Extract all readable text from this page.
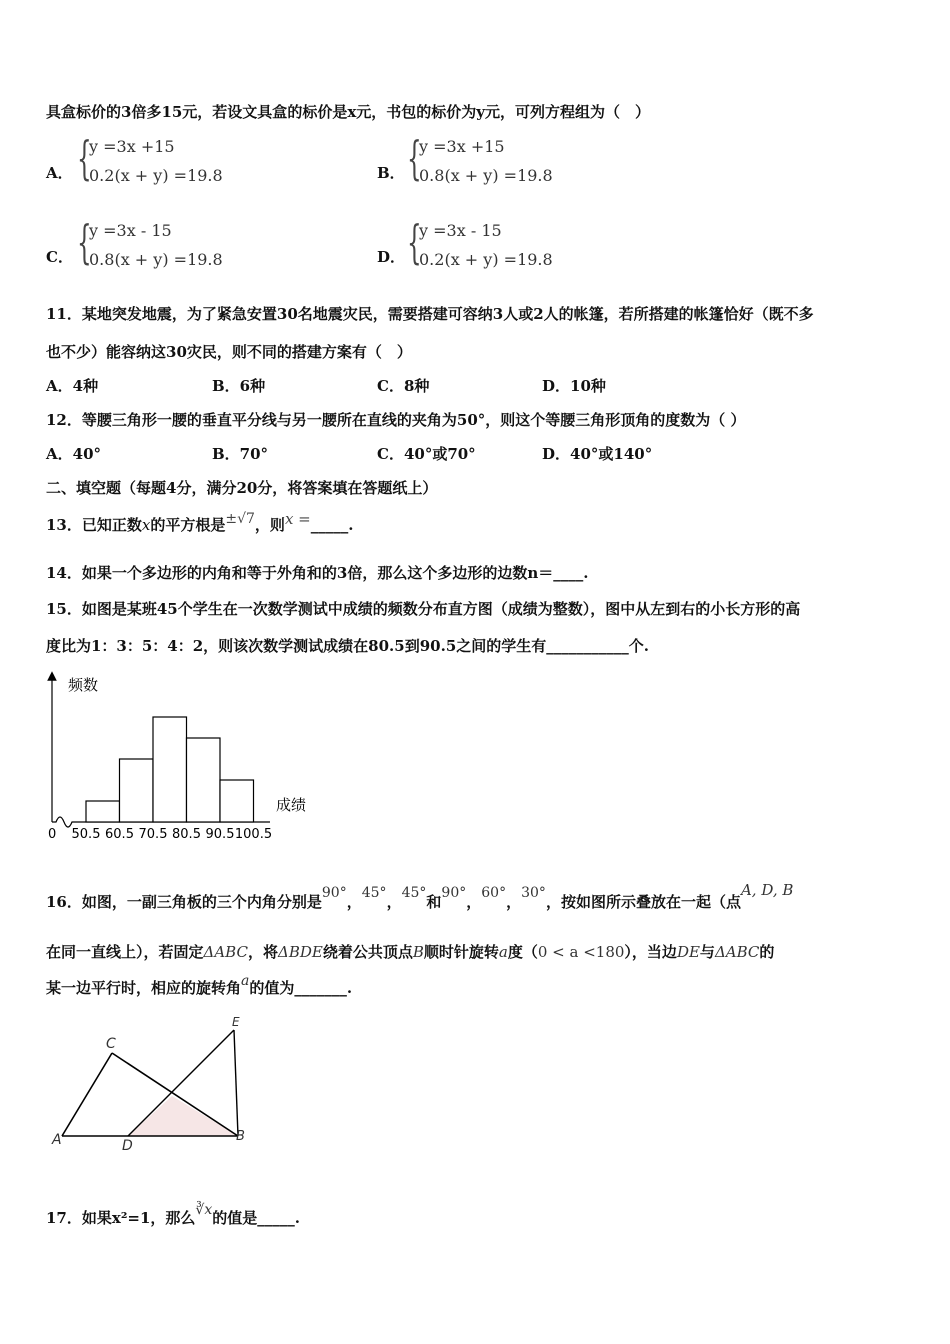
具盒标价的3倍多15元，若设文具盒的标价是x元，书包的标价为y元，可列方程组为（　）
A． {
y =3x +15
0.2(x + y) =19.8	B． {
y =3x +15
0.8(x + y) =19.8
C． {
y =3x - 15
0.8(x + y) =19.8	D． {
y =3x - 15
0.2(x + y) =19.8
11．某地突发地震，为了紧急安置30名地震灾民，需要搭建可容纳3人或2人的帐篷，若所搭建的帐篷恰好（既不多
也不少）能容纳这30灾民，则不同的搭建方案有（　）
A．4种	B．6种	C．8种	D．10种
12．等腰三角形一腰的垂直平分线与另一腰所在直线的夹角为50°，则这个等腰三角形顶角的度数为（ ）
A．40°	B．70°	C．40°或70°	D．40°或140°
二、填空题（每题4分，满分20分，将答案填在答题纸上）
13．已知正数x的平方根是±√7，则x =_____.
14．如果一个多边形的内角和等于外角和的3倍，那么这个多边形的边数n＝____.
15．如图是某班45个学生在一次数学测试中成绩的频数分布直方图（成绩为整数），图中从左到右的小长方形的高
度比为1：3：5：4：2，则该次数学测试成绩在80.5到90.5之间的学生有___________个.
50.5 60.5 70.5 80.5 90.5 100.5
频数
成绩
0
16．如图，一副三角板的三个内角分别是90°，45°，45°和90°，60°，30°，按如图所示叠放在一起（点A, D, B
在同一直线上），若固定ΔABC，将ΔBDE绕着公共顶点B顺时针旋转a度（0 < a <180），当边DE与ΔABC的
某一边平行时，相应的旋转角a的值为_______.
C
E
A	D
B
17．如果x²=1，那么∛x的值是_____.
